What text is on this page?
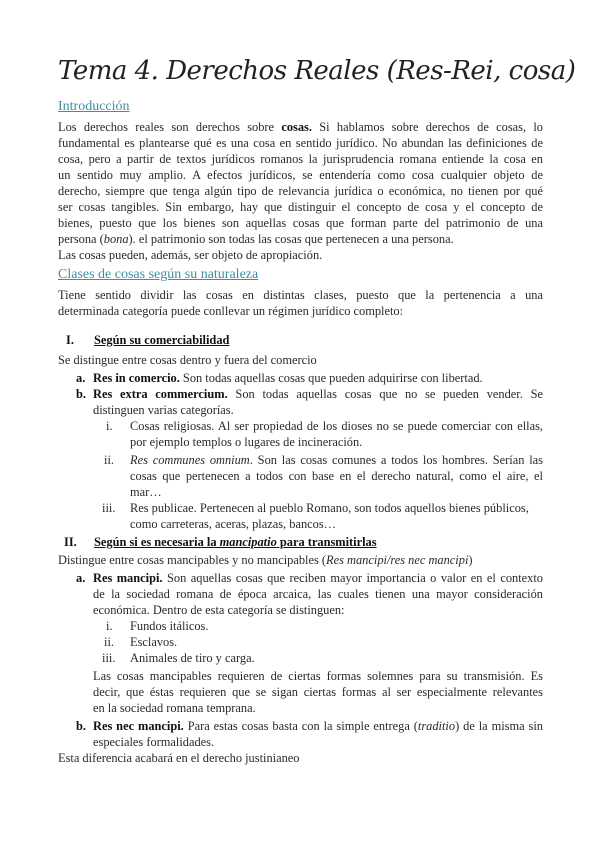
Tema 4. Derechos Reales (Res-Rei, cosa)
Introducción
Los derechos reales son derechos sobre cosas. Si hablamos sobre derechos de cosas, lo
fundamental es plantearse qué es una cosa en sentido jurídico. No abundan las definiciones de
cosa, pero a partir de textos jurídicos romanos la jurisprudencia romana entiende la cosa en
un sentido muy amplio. A efectos jurídicos, se entendería como cosa cualquier objeto de
derecho, siempre que tenga algún tipo de relevancia jurídica o económica, no tienen por qué
ser cosas tangibles. Sin embargo, hay que distinguir el concepto de cosa y el concepto de
bienes, puesto que los bienes son aquellas cosas que forman parte del patrimonio de una
persona (bona). el patrimonio son todas las cosas que pertenecen a una persona.
Las cosas pueden, además, ser objeto de apropiación.
Clases de cosas según su naturaleza
Tiene sentido dividir las cosas en distintas clases, puesto que la pertenencia a una
determinada categoría puede conllevar un régimen jurídico completo:
I. Según su comerciabilidad
Se distingue entre cosas dentro y fuera del comercio
a. Res in comercio. Son todas aquellas cosas que pueden adquirirse con libertad.
b. Res extra commercium. Son todas aquellas cosas que no se pueden vender. Se
distinguen varias categorías.
i. Cosas religiosas. Al ser propiedad de los dioses no se puede comerciar con ellas,
por ejemplo templos o lugares de incineración.
ii. Res communes omnium. Son las cosas comunes a todos los hombres. Serían las
cosas que pertenecen a todos con base en el derecho natural, como el aire, el
mar…
iii. Res publicae. Pertenecen al pueblo Romano, son todos aquellos bienes públicos,
como carreteras, aceras, plazas, bancos…
II. Según si es necesaria la mancipatio para transmitirlas
Distingue entre cosas mancipables y no mancipables (Res mancipi/res nec mancipi)
a. Res mancipi. Son aquellas cosas que reciben mayor importancia o valor en el contexto
de la sociedad romana de época arcaica, las cuales tienen una mayor consideración
económica. Dentro de esta categoría se distinguen:
i. Fundos itálicos.
ii. Esclavos.
iii. Animales de tiro y carga.
Las cosas mancipables requieren de ciertas formas solemnes para su transmisión. Es
decir, que éstas requieren que se sigan ciertas formas al ser especialmente relevantes
en la sociedad romana temprana.
b. Res nec mancipi. Para estas cosas basta con la simple entrega (traditio) de la misma sin
especiales formalidades.
Esta diferencia acabará en el derecho justinianeo
